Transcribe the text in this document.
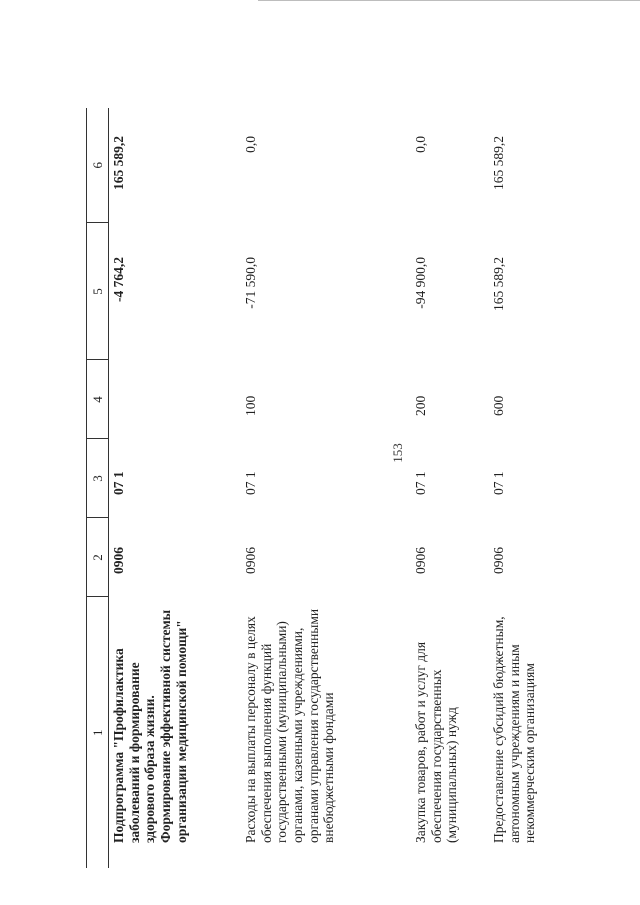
153
1	2	3	4	5	6
Подпрограмма "Профилактика заболеваний и формирование здорового образа жизни. Формирование эффективной системы организации медицинской помощи"	0906	07 1		-4 764,2	165 589,2
Расходы на выплаты персоналу в целях обеспечения выполнения функций государственными (муниципальными) органами, казенными учреждениями, органами управления государственными внебюджетными фондами	0906	07 1	100	-71 590,0	0,0
Закупка товаров, работ и услуг для обеспечения государственных (муниципальных) нужд	0906	07 1	200	-94 900,0	0,0
Предоставление субсидий бюджетным, автономным учреждениям и иным некоммерческим организациям	0906	07 1	600	165 589,2	165 589,2
